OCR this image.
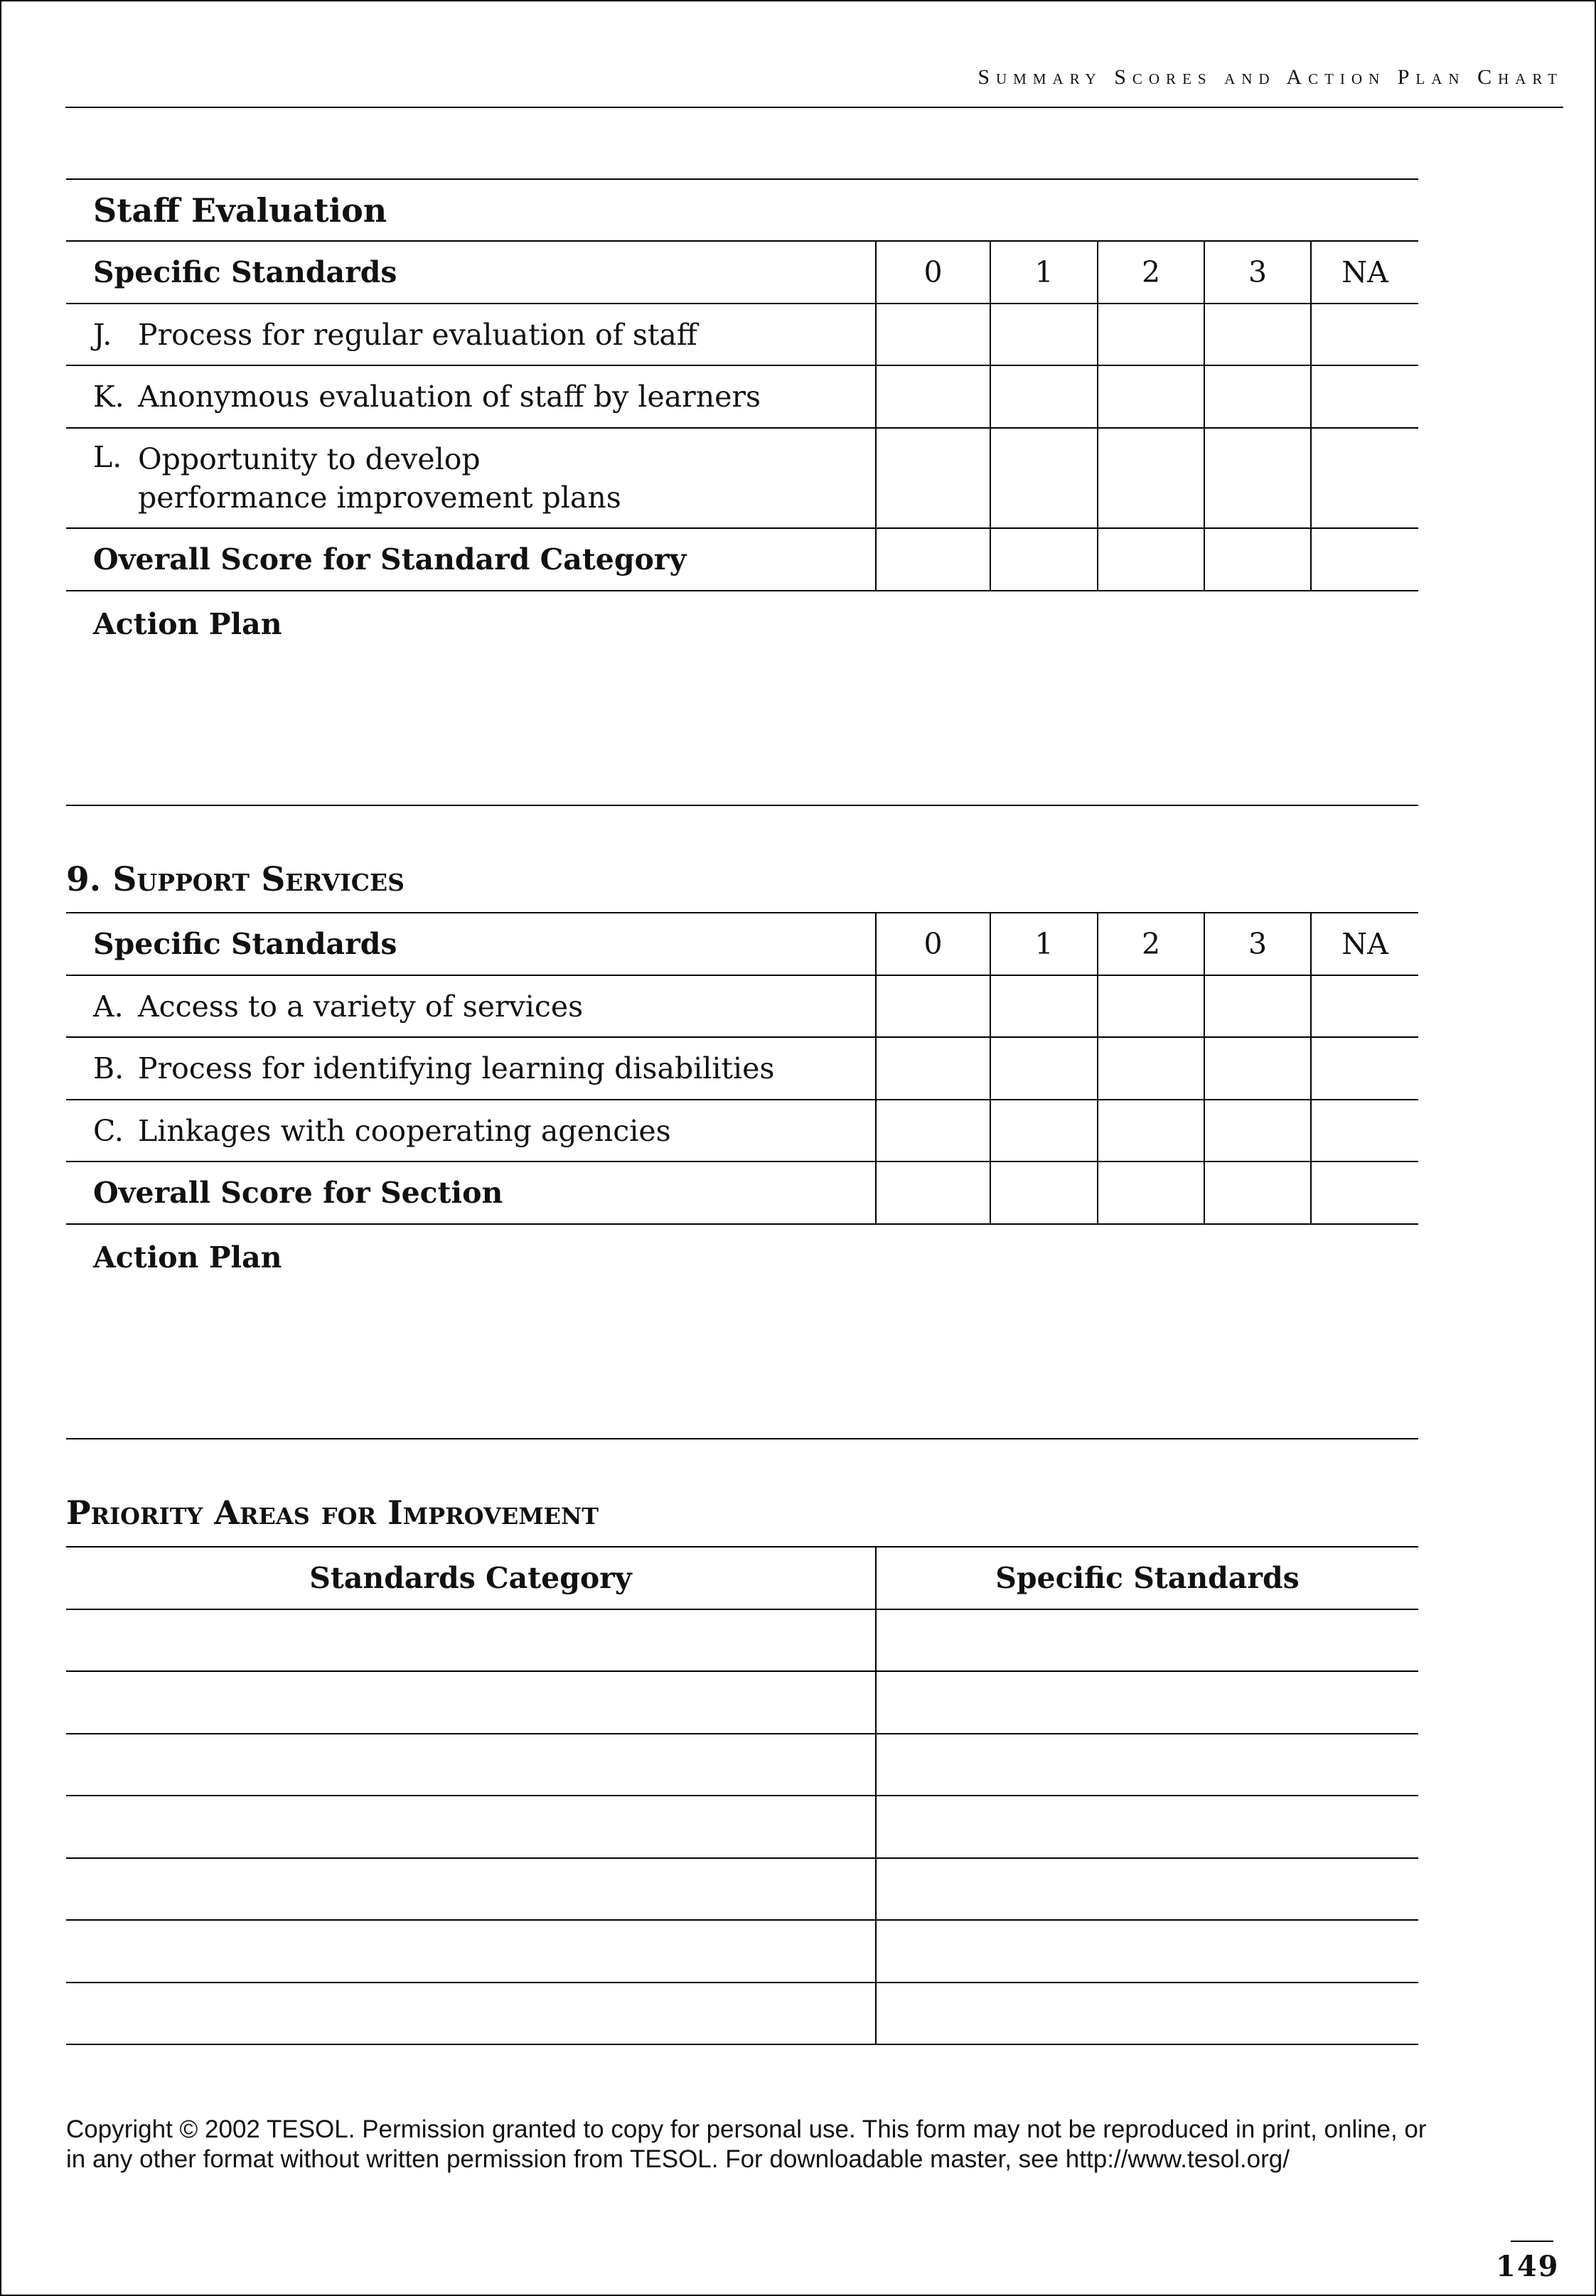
Summary Scores and Action Plan Chart
Staff Evaluation					
Specific Standards	0	1	2	3	NA

J. Process for regular evaluation of staff					

K. Anonymous evaluation of staff by learners					

L. Opportunity to develop performance improvement plans					

Overall Score for Standard Category					
Action Plan					
9. Support Services
Specific Standards	0	1	2	3	NA

A. Access to a variety of services					

B. Process for identifying learning disabilities					

C. Linkages with cooperating agencies					

Overall Score for Section					
Action Plan					
Priority Areas for Improvement
Standards Category	Specific Standards

Copyright © 2002 TESOL. Permission granted to copy for personal use. This form may not be reproduced in print, online, or in any other format without written permission from TESOL. For downloadable master, see http://www.tesol.org/
149
